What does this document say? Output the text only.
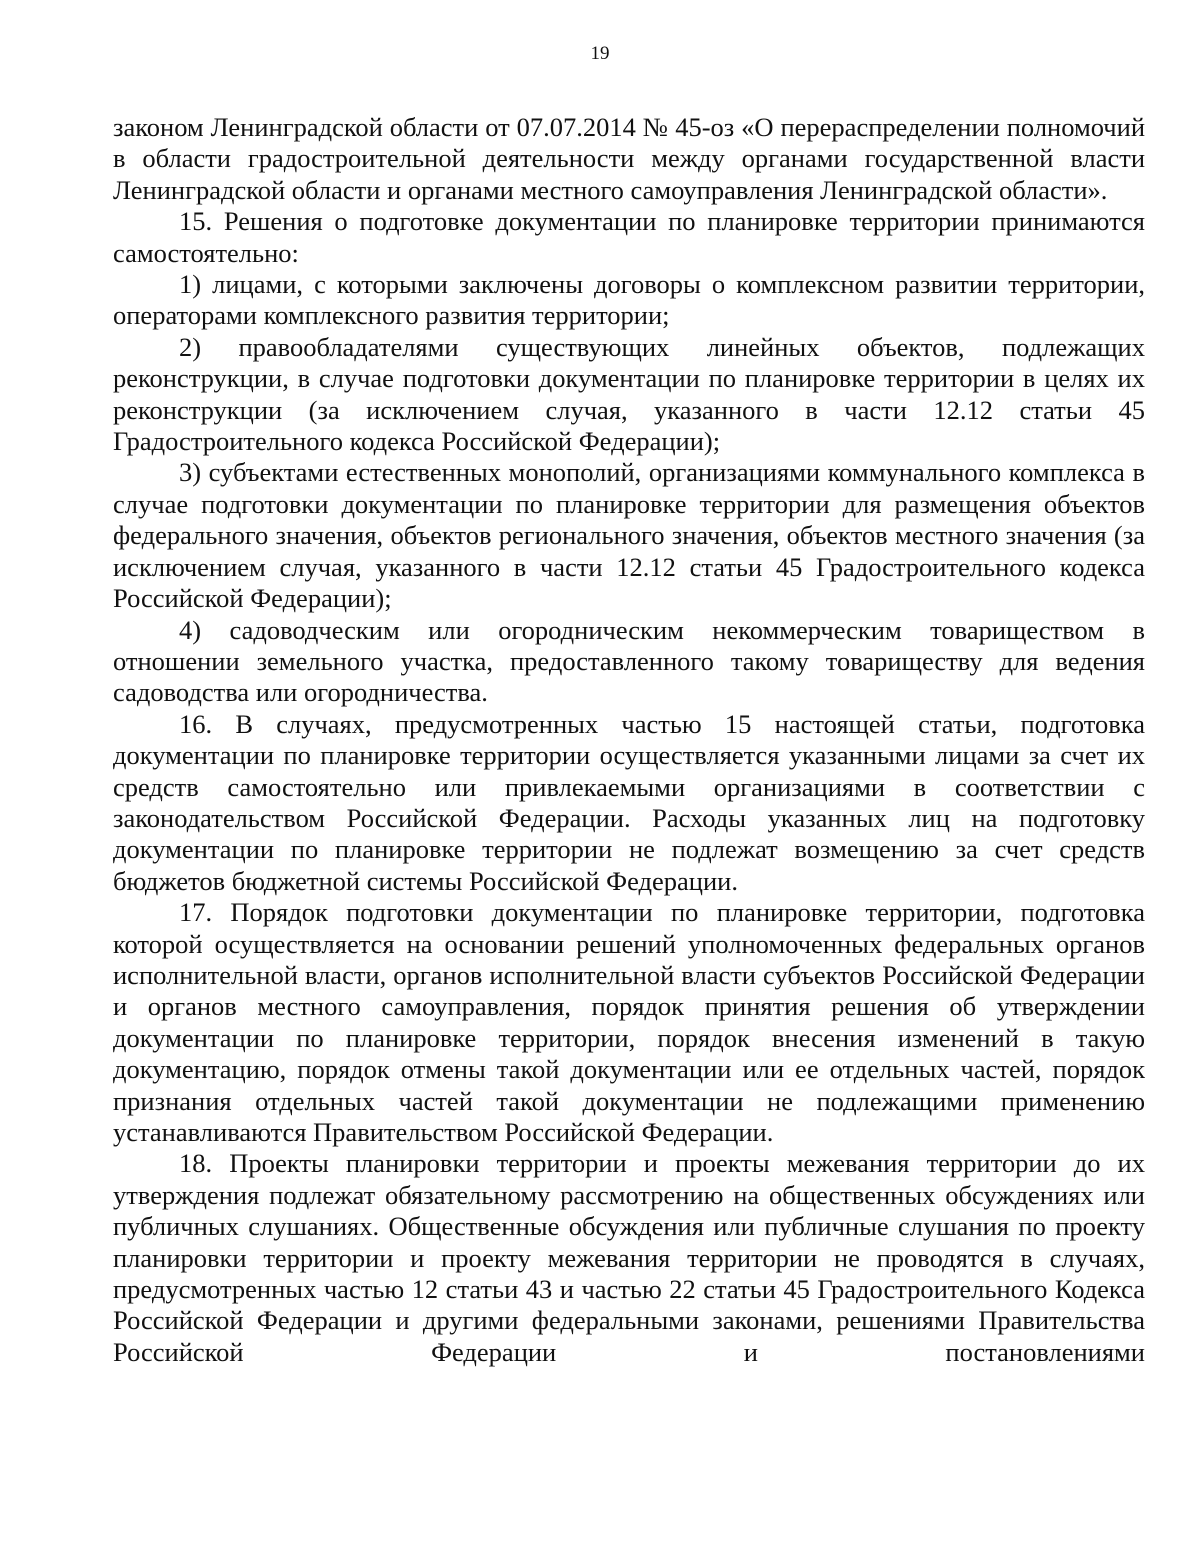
19

законом Ленинградской области от 07.07.2014 № 45-оз «О перераспределении полномочий в области градостроительной деятельности между органами государственной власти Ленинградской области и органами местного самоуправления Ленинградской области».

15. Решения о подготовке документации по планировке территории принимаются самостоятельно:

1) лицами, с которыми заключены договоры о комплексном развитии территории, операторами комплексного развития территории;

2) правообладателями существующих линейных объектов, подлежащих реконструкции, в случае подготовки документации по планировке территории в целях их реконструкции (за исключением случая, указанного в части 12.12 статьи 45 Градостроительного кодекса Российской Федерации);

3) субъектами естественных монополий, организациями коммунального комплекса в случае подготовки документации по планировке территории для размещения объектов федерального значения, объектов регионального значения, объектов местного значения (за исключением случая, указанного в части 12.12 статьи 45 Градостроительного кодекса Российской Федерации);

4) садоводческим или огородническим некоммерческим товариществом в отношении земельного участка, предоставленного такому товариществу для ведения садоводства или огородничества.

16. В случаях, предусмотренных частью 15 настоящей статьи, подготовка документации по планировке территории осуществляется указанными лицами за счет их средств самостоятельно или привлекаемыми организациями в соответствии с законодательством Российской Федерации. Расходы указанных лиц на подготовку документации по планировке территории не подлежат возмещению за счет средств бюджетов бюджетной системы Российской Федерации.

17. Порядок подготовки документации по планировке территории, подготовка которой осуществляется на основании решений уполномоченных федеральных органов исполнительной власти, органов исполнительной власти субъектов Российской Федерации и органов местного самоуправления, порядок принятия решения об утверждении документации по планировке территории, порядок внесения изменений в такую документацию, порядок отмены такой документации или ее отдельных частей, порядок признания отдельных частей такой документации не подлежащими применению устанавливаются Правительством Российской Федерации.

18. Проекты планировки территории и проекты межевания территории до их утверждения подлежат обязательному рассмотрению на общественных обсуждениях или публичных слушаниях. Общественные обсуждения или публичные слушания по проекту планировки территории и проекту межевания территории не проводятся в случаях, предусмотренных частью 12 статьи 43 и частью 22 статьи 45 Градостроительного Кодекса Российской Федерации и другими федеральными законами, решениями Правительства Российской Федерации и постановлениями
